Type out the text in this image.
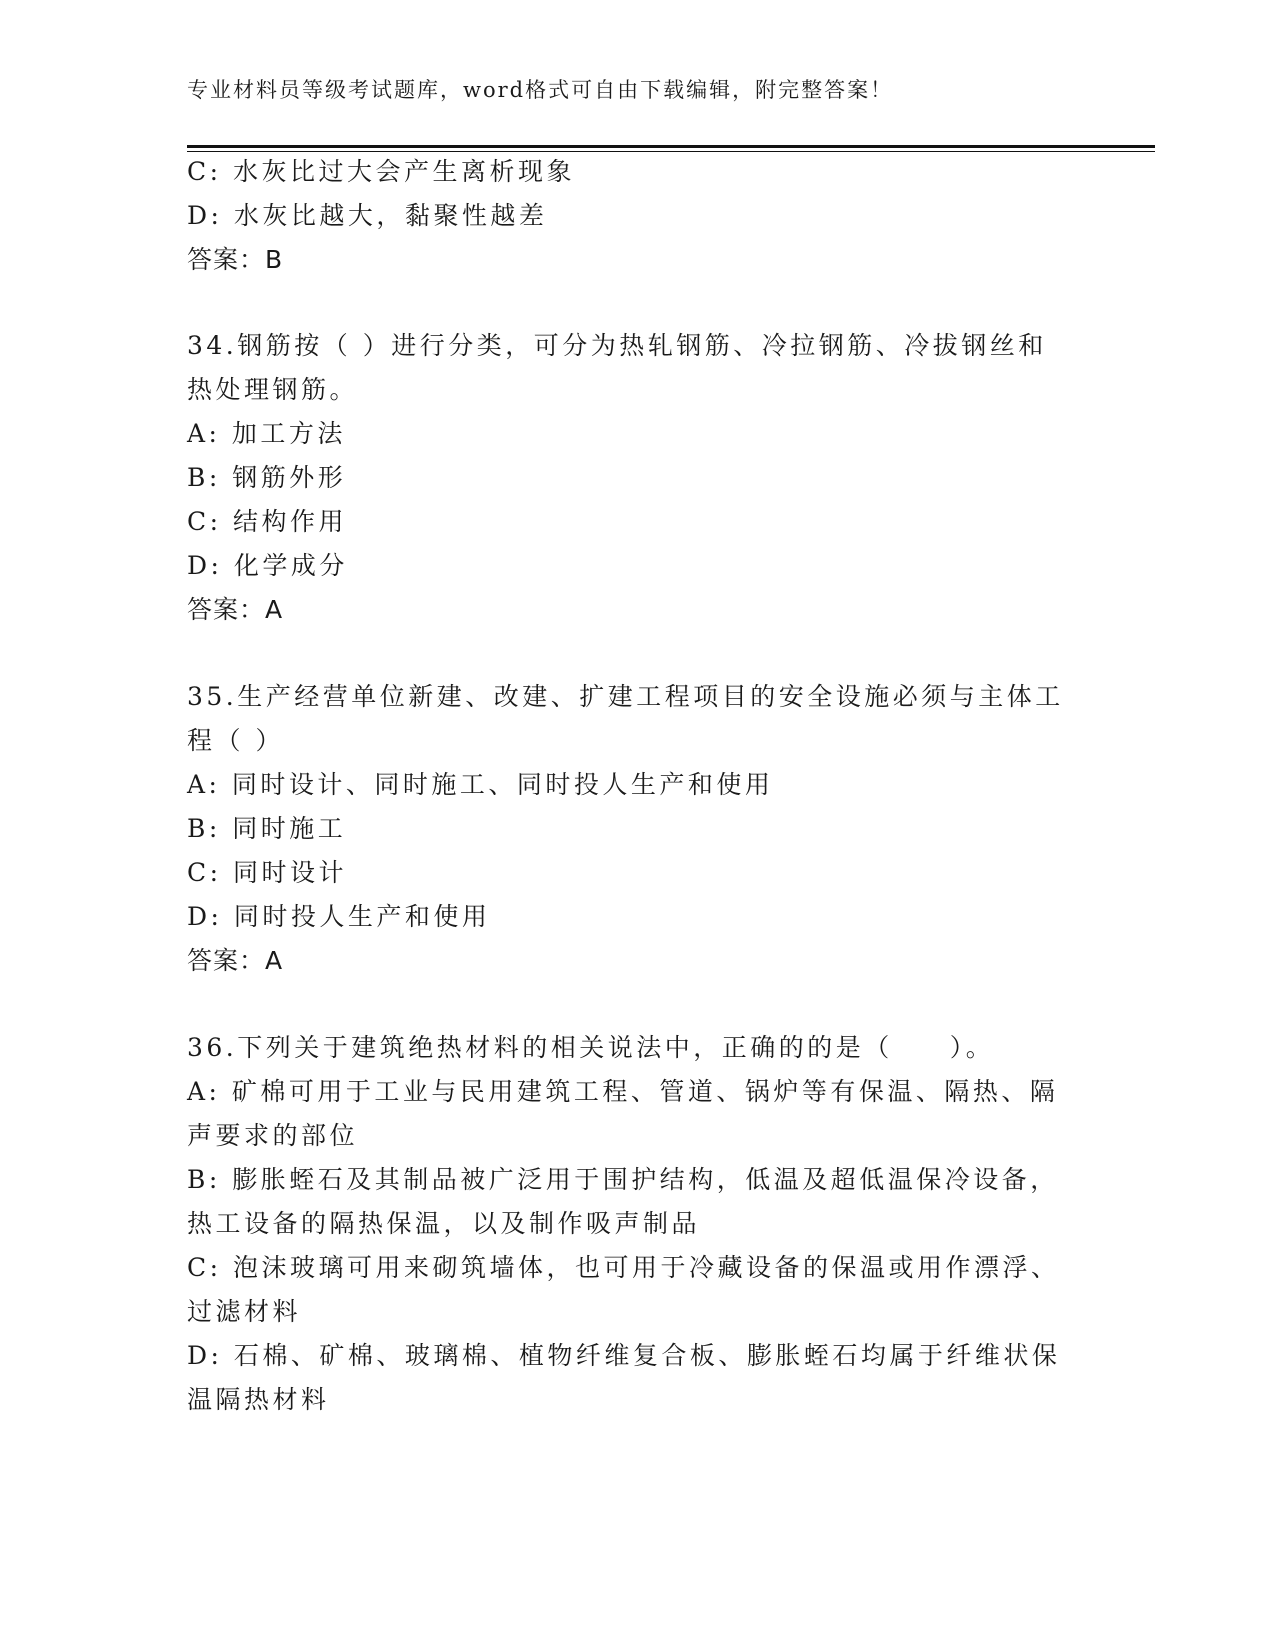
专业材料员等级考试题库，word格式可自由下载编辑，附完整答案！
C: 水灰比过大会产生离析现象
D: 水灰比越大，黏聚性越差
答案：B
34.钢筋按（ ）进行分类，可分为热轧钢筋、冷拉钢筋、冷拔钢丝和
热处理钢筋。
A: 加工方法
B: 钢筋外形
C: 结构作用
D: 化学成分
答案：A
35.生产经营单位新建、改建、扩建工程项目的安全设施必须与主体工
程（ ）
A: 同时设计、同时施工、同时投人生产和使用
B: 同时施工
C: 同时设计
D: 同时投人生产和使用
答案：A
36.下列关于建筑绝热材料的相关说法中，正确的的是（　　）。
A: 矿棉可用于工业与民用建筑工程、管道、锅炉等有保温、隔热、隔
声要求的部位
B: 膨胀蛭石及其制品被广泛用于围护结构，低温及超低温保冷设备，
热工设备的隔热保温，以及制作吸声制品
C: 泡沫玻璃可用来砌筑墙体，也可用于冷藏设备的保温或用作漂浮、
过滤材料
D: 石棉、矿棉、玻璃棉、植物纤维复合板、膨胀蛭石均属于纤维状保
温隔热材料
